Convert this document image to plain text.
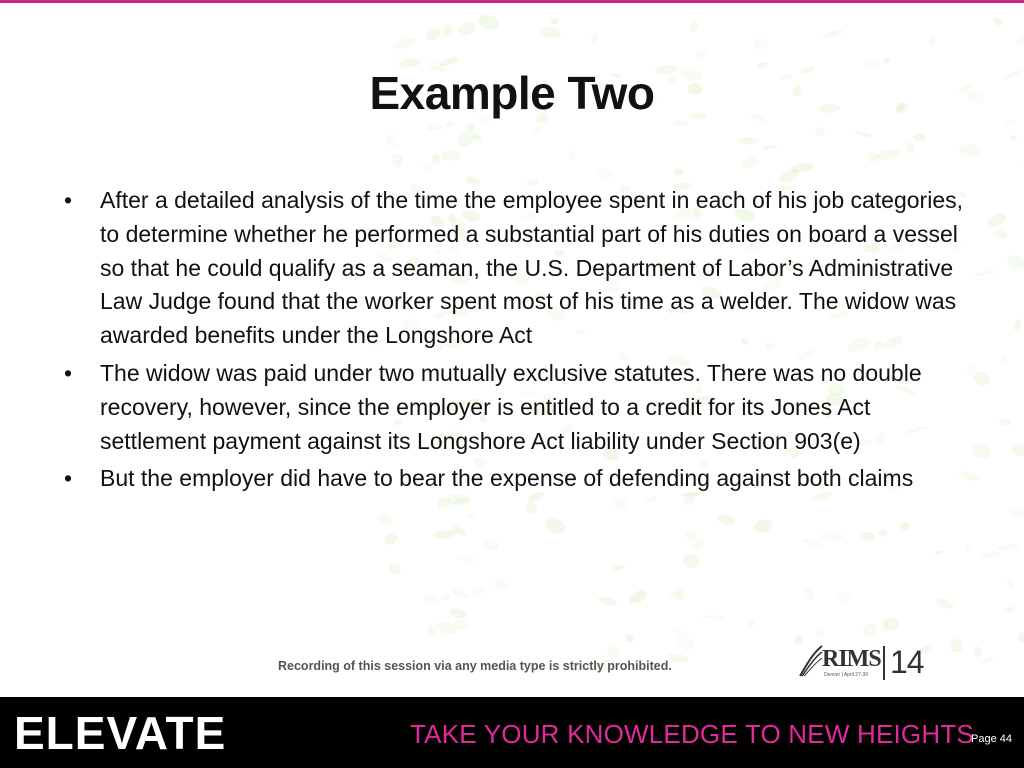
Example Two
• After a detailed analysis of the time the employee spent in each of his job categories, to determine whether he performed a substantial part of his duties on board a vessel so that he could qualify as a seaman, the U.S. Department of Labor’s Administrative Law Judge found that the worker spent most of his time as a welder. The widow was awarded benefits under the Longshore Act
• The widow was paid under two mutually exclusive statutes. There was no double recovery, however, since the employer is entitled to a credit for its Jones Act settlement payment against its Longshore Act liability under Section 903(e)
• But the employer did have to bear the expense of defending against both claims
Recording of this session via any media type is strictly prohibited.	RIMS
Denver | April 27-30 14
ELEVATE	TAKE YOUR KNOWLEDGE TO NEW HEIGHTS
Page 44
